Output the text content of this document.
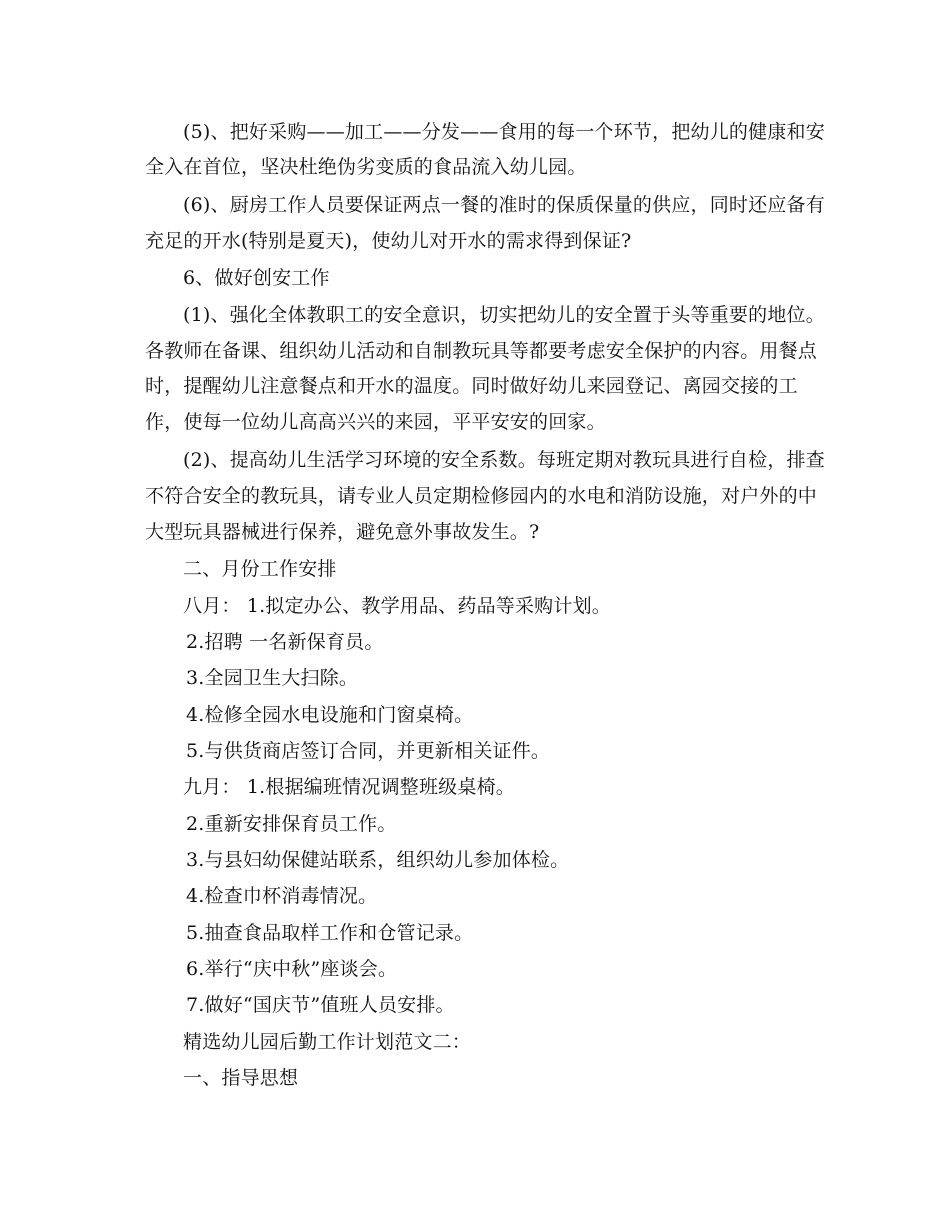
(5)、把好采购——加工——分发——食用的每一个环节，把幼儿的健康和安
全入在首位，坚决杜绝伪劣变质的食品流入幼儿园。
(6)、厨房工作人员要保证两点一餐的准时的保质保量的供应，同时还应备有
充足的开水(特别是夏天)，使幼儿对开水的需求得到保证?
6、做好创安工作
(1)、强化全体教职工的安全意识，切实把幼儿的安全置于头等重要的地位。
各教师在备课、组织幼儿活动和自制教玩具等都要考虑安全保护的内容。用餐点
时，提醒幼儿注意餐点和开水的温度。同时做好幼儿来园登记、离园交接的工
作，使每一位幼儿高高兴兴的来园，平平安安的回家。
(2)、提高幼儿生活学习环境的安全系数。每班定期对教玩具进行自检，排查
不符合安全的教玩具，请专业人员定期检修园内的水电和消防设施，对户外的中
大型玩具器械进行保养，避免意外事故发生。?
二、月份工作安排
八月： 1.拟定办公、教学用品、药品等采购计划。
2.招聘 一名新保育员。
3.全园卫生大扫除。
4.检修全园水电设施和门窗桌椅。
5.与供货商店签订合同，并更新相关证件。
九月： 1.根据编班情况调整班级桌椅。
2.重新安排保育员工作。
3.与县妇幼保健站联系，组织幼儿参加体检。
4.检查巾杯消毒情况。
5.抽查食品取样工作和仓管记录。
6.举行“庆中秋”座谈会。
7.做好“国庆节”值班人员安排。
精选幼儿园后勤工作计划范文二：
一、指导思想
